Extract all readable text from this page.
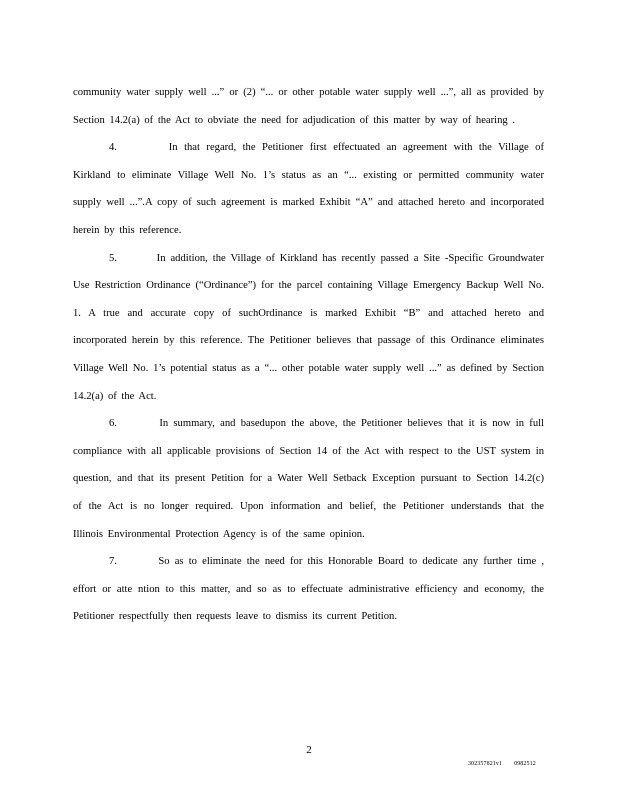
community water supply well ...” or (2) “... or other potable water supply well ...”, all as provided by Section 14.2(a) of the Act to obviate the need for adjudication of this matter by way of hearing .

4.	In that regard, the Petitioner first effectuated an agreement with the Village of Kirkland to eliminate Village Well No. 1’s status as an “... existing or permitted community water supply well ...”.A copy of such agreement is marked Exhibit “A” and attached hereto and incorporated herein by this reference.

5.	In addition, the Village of Kirkland has recently passed a Site -Specific Groundwater Use Restriction Ordinance (“Ordinance”) for the parcel containing Village Emergency Backup Well No. 1. A true and accurate copy of suchOrdinance is marked Exhibit “B” and attached hereto and incorporated herein by this reference. The Petitioner believes that passage of this Ordinance eliminates Village Well No. 1’s potential status as a “... other potable water supply well ...” as defined by Section 14.2(a) of the Act.

6.	In summary, and basedupon the above, the Petitioner believes that it is now in full compliance with all applicable provisions of Section 14 of the Act with respect to the UST system in question, and that its present Petition for a Water Well Setback Exception pursuant to Section 14.2(c) of the Act is no longer required. Upon information and belief, the Petitioner understands that the Illinois Environmental Protection Agency is of the same opinion.

7.	So as to eliminate the need for this Honorable Board to dedicate any further time , effort or atte ntion to this matter, and so as to effectuate administrative efficiency and economy, the Petitioner respectfully then requests leave to dismiss its current Petition.

2
302357821v1 0982512
